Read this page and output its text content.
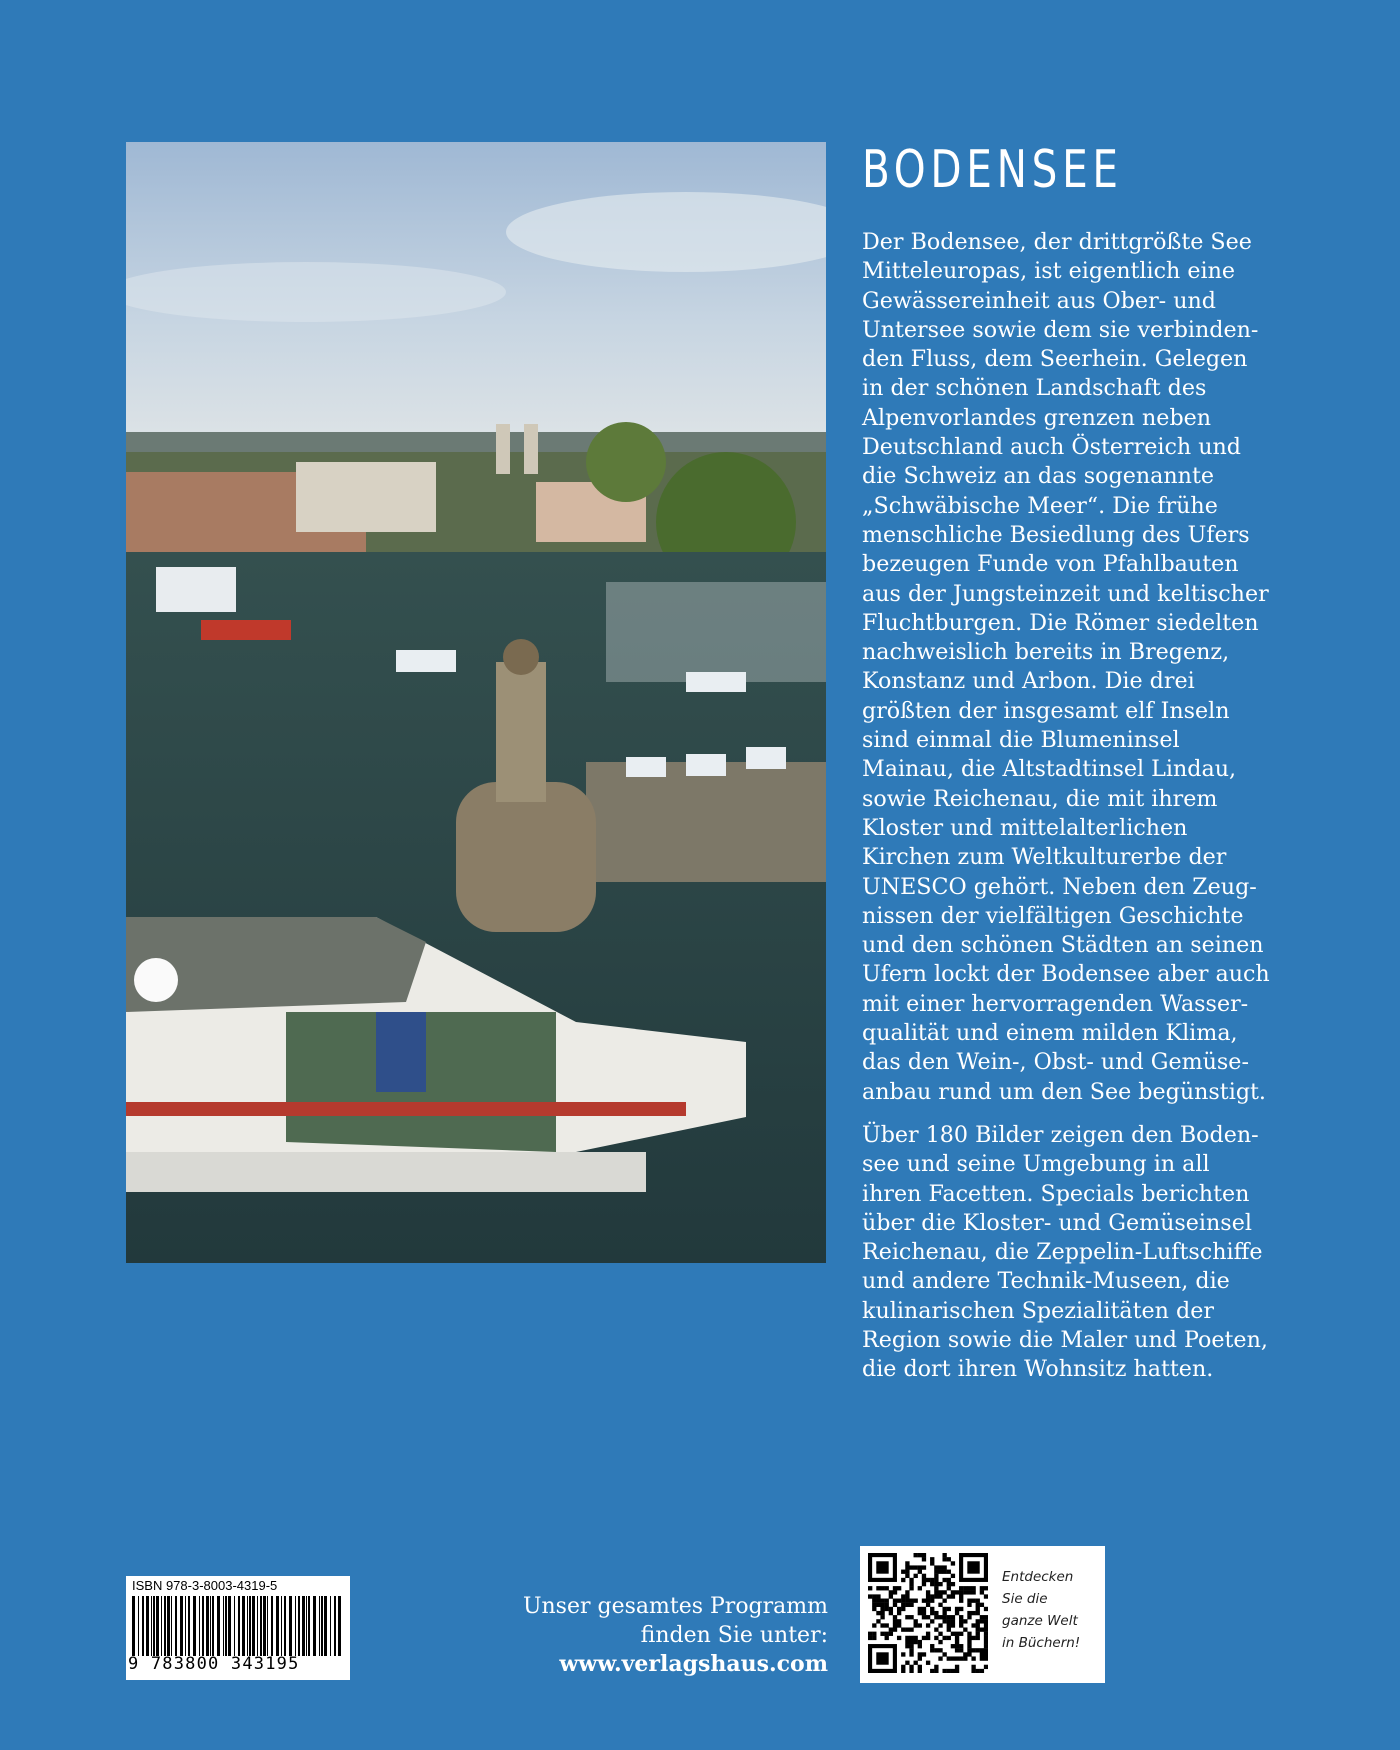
BODENSEE

Der Bodensee, der drittgrößte See
Mitteleuropas, ist eigentlich eine
Gewässereinheit aus Ober- und
Untersee sowie dem sie verbinden-
den Fluss, dem Seerhein. Gelegen
in der schönen Landschaft des
Alpenvorlandes grenzen neben
Deutschland auch Österreich und
die Schweiz an das sogenannte
„Schwäbische Meer“. Die frühe
menschliche Besiedlung des Ufers
bezeugen Funde von Pfahlbauten
aus der Jungsteinzeit und keltischer
Fluchtburgen. Die Römer siedelten
nachweislich bereits in Bregenz,
Konstanz und Arbon. Die drei
größten der insgesamt elf Inseln
sind einmal die Blumeninsel
Mainau, die Altstadtinsel Lindau,
sowie Reichenau, die mit ihrem
Kloster und mittelalterlichen
Kirchen zum Weltkulturerbe der
UNESCO gehört. Neben den Zeug-
nissen der vielfältigen Geschichte
und den schönen Städten an seinen
Ufern lockt der Bodensee aber auch
mit einer hervorragenden Wasser-
qualität und einem milden Klima,
das den Wein-, Obst- und Gemüse-
anbau rund um den See begünstigt.

Über 180 Bilder zeigen den Boden-
see und seine Umgebung in all
ihren Facetten. Specials berichten
über die Kloster- und Gemüseinsel
Reichenau, die Zeppelin-Luftschiffe
und andere Technik-Museen, die
kulinarischen Spezialitäten der
Region sowie die Maler und Poeten,
die dort ihren Wohnsitz hatten.

ISBN 978-3-8003-4319-5
9 783800 343195
Unser gesamtes Programm
finden Sie unter:
www.verlagshaus.com
Entdecken
Sie die
ganze Welt
in Büchern!
